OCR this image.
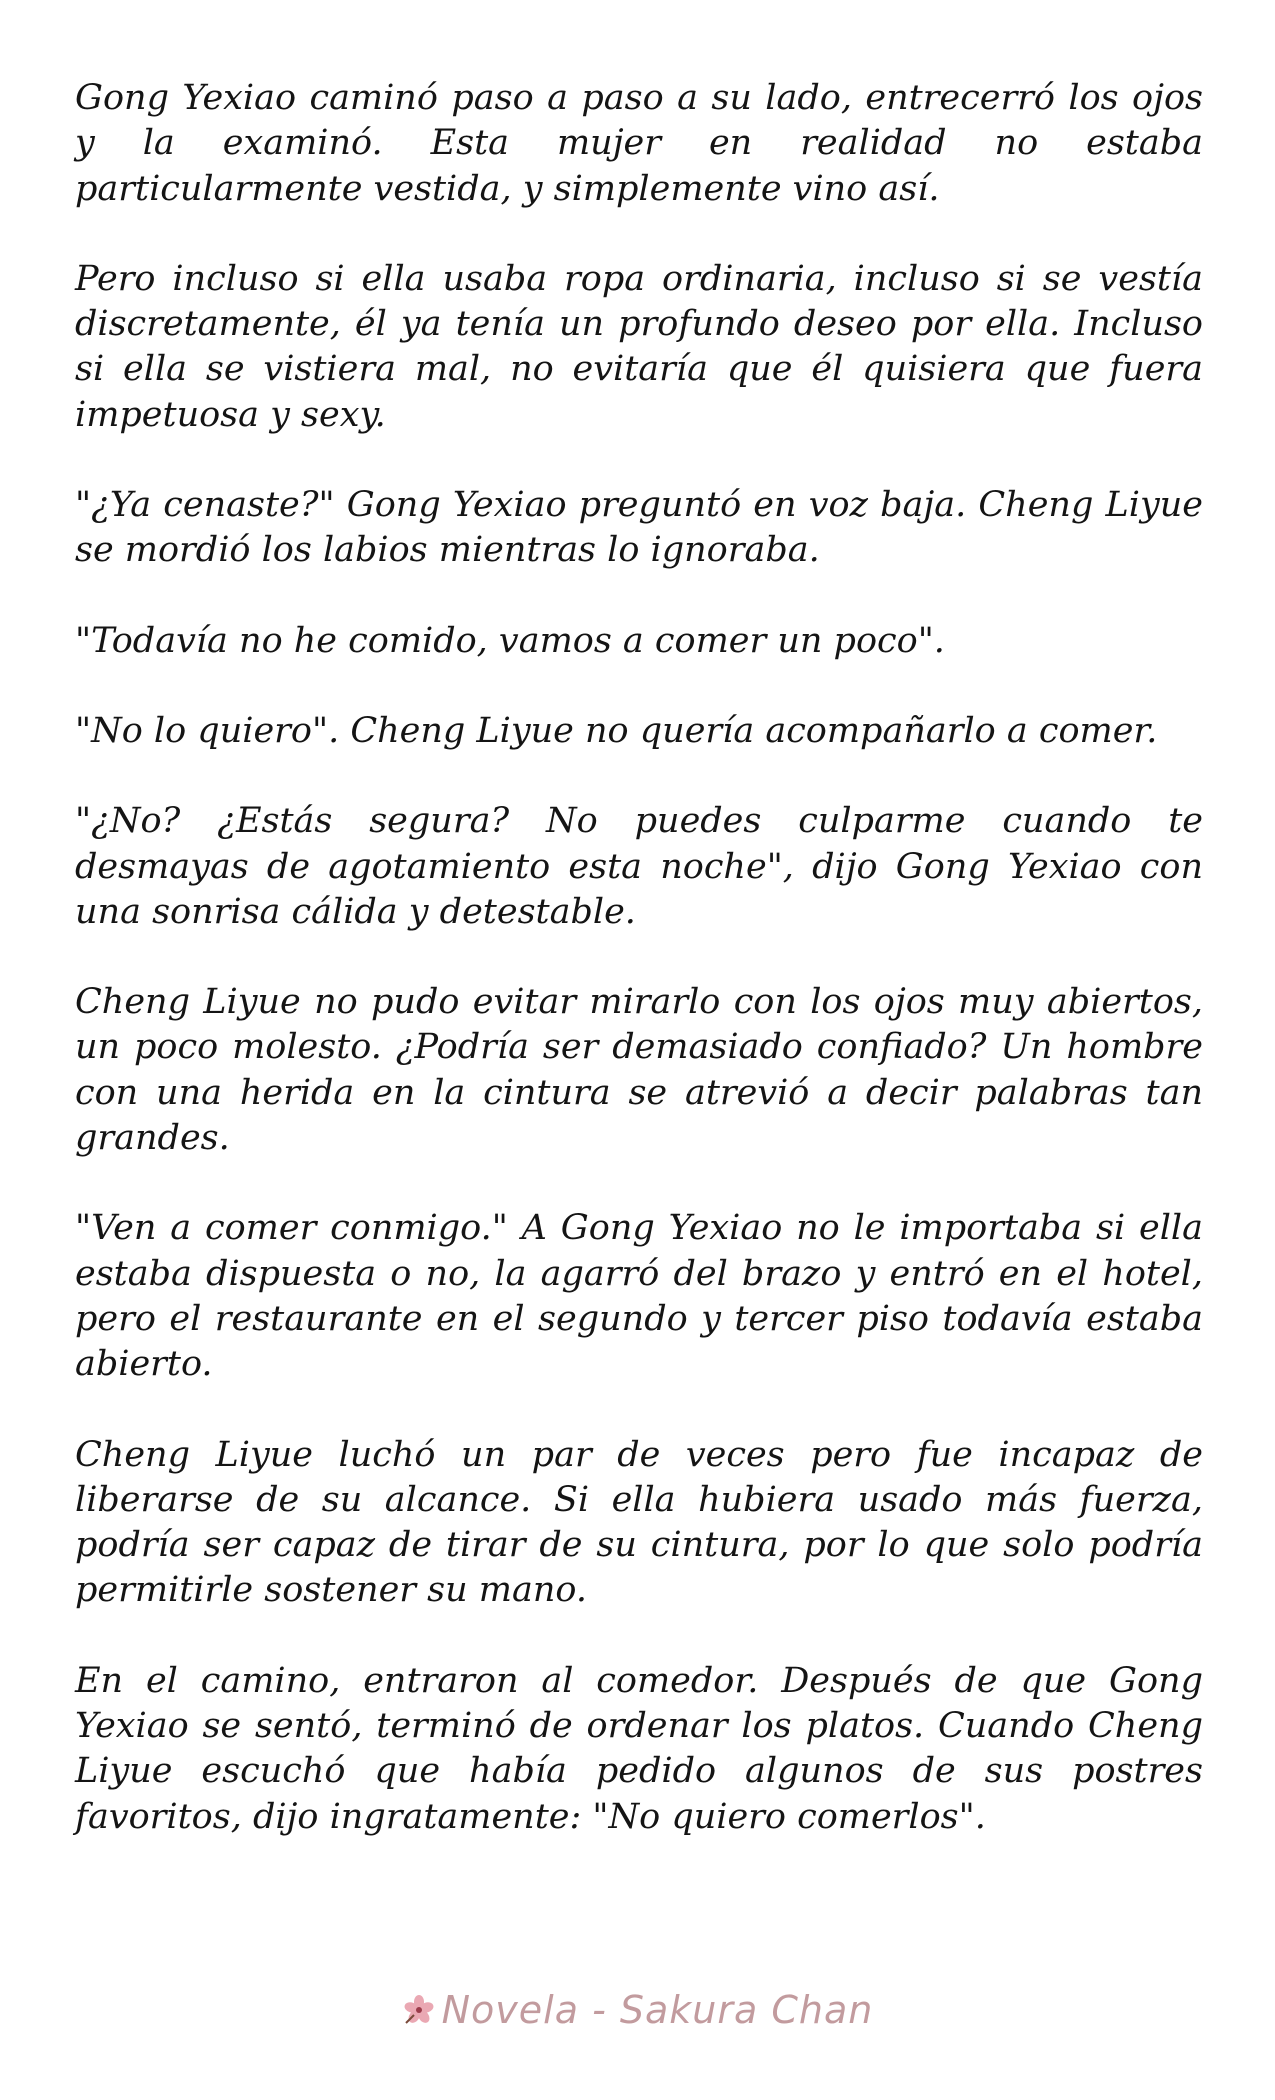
Gong Yexiao caminó paso a paso a su lado, entrecerró los ojos y la examinó. Esta mujer en realidad no estaba particularmente vestida, y simplemente vino así.

Pero incluso si ella usaba ropa ordinaria, incluso si se vestía discretamente, él ya tenía un profundo deseo por ella. Incluso si ella se vistiera mal, no evitaría que él quisiera que fuera impetuosa y sexy.

"¿Ya cenaste?" Gong Yexiao preguntó en voz baja. Cheng Liyue se mordió los labios mientras lo ignoraba.

"Todavía no he comido, vamos a comer un poco".

"No lo quiero". Cheng Liyue no quería acompañarlo a comer.

"¿No? ¿Estás segura? No puedes culparme cuando te desmayas de agotamiento esta noche", dijo Gong Yexiao con una sonrisa cálida y detestable.

Cheng Liyue no pudo evitar mirarlo con los ojos muy abiertos, un poco molesto. ¿Podría ser demasiado confiado? Un hombre con una herida en la cintura se atrevió a decir palabras tan grandes.

"Ven a comer conmigo." A Gong Yexiao no le importaba si ella estaba dispuesta o no, la agarró del brazo y entró en el hotel, pero el restaurante en el segundo y tercer piso todavía estaba abierto.

Cheng Liyue luchó un par de veces pero fue incapaz de liberarse de su alcance. Si ella hubiera usado más fuerza, podría ser capaz de tirar de su cintura, por lo que solo podría permitirle sostener su mano.

En el camino, entraron al comedor. Después de que Gong Yexiao se sentó, terminó de ordenar los platos. Cuando Cheng Liyue escuchó que había pedido algunos de sus postres favoritos, dijo ingratamente: "No quiero comerlos".

Novela - Sakura Chan
